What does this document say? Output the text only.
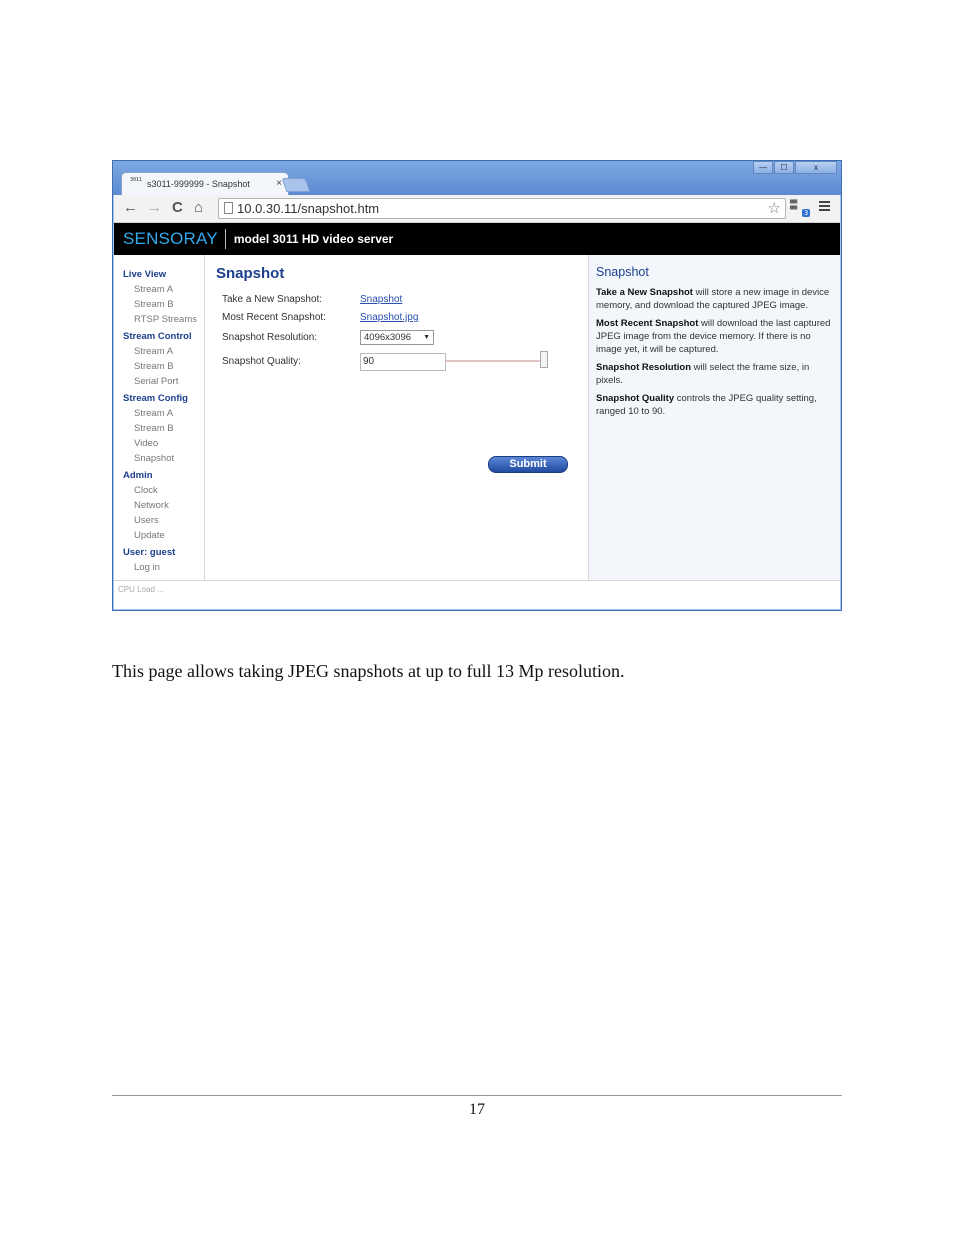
3011 s3011-999999 - Snapshot	×
—	☐	x
← → C ⌂	10.0.30.11/snapshot.htm	☆ ▦▦
▦▦
3
SENSORAY model 3011 HD video server
Live View
Stream A
Stream B
RTSP Streams
Stream Control
Stream A
Stream B
Serial Port
Stream Config
Stream A
Stream B
Video
Snapshot
Admin
Clock
Network
Users
Update
User: guest
Log in
Snapshot
Take a New Snapshot:	Snapshot
Most Recent Snapshot:	Snapshot.jpg
Snapshot Resolution:	4096x3096 ▼
Snapshot Quality:	90
Submit
Snapshot
Take a New Snapshot will store a new image in device memory, and download the captured JPEG image.
Most Recent Snapshot will download the last captured JPEG image from the device memory. If there is no image yet, it will be captured.
Snapshot Resolution will select the frame size, in pixels.
Snapshot Quality controls the JPEG quality setting, ranged 10 to 90.
CPU Load ...
This page allows taking JPEG snapshots at up to full 13 Mp resolution.
17
